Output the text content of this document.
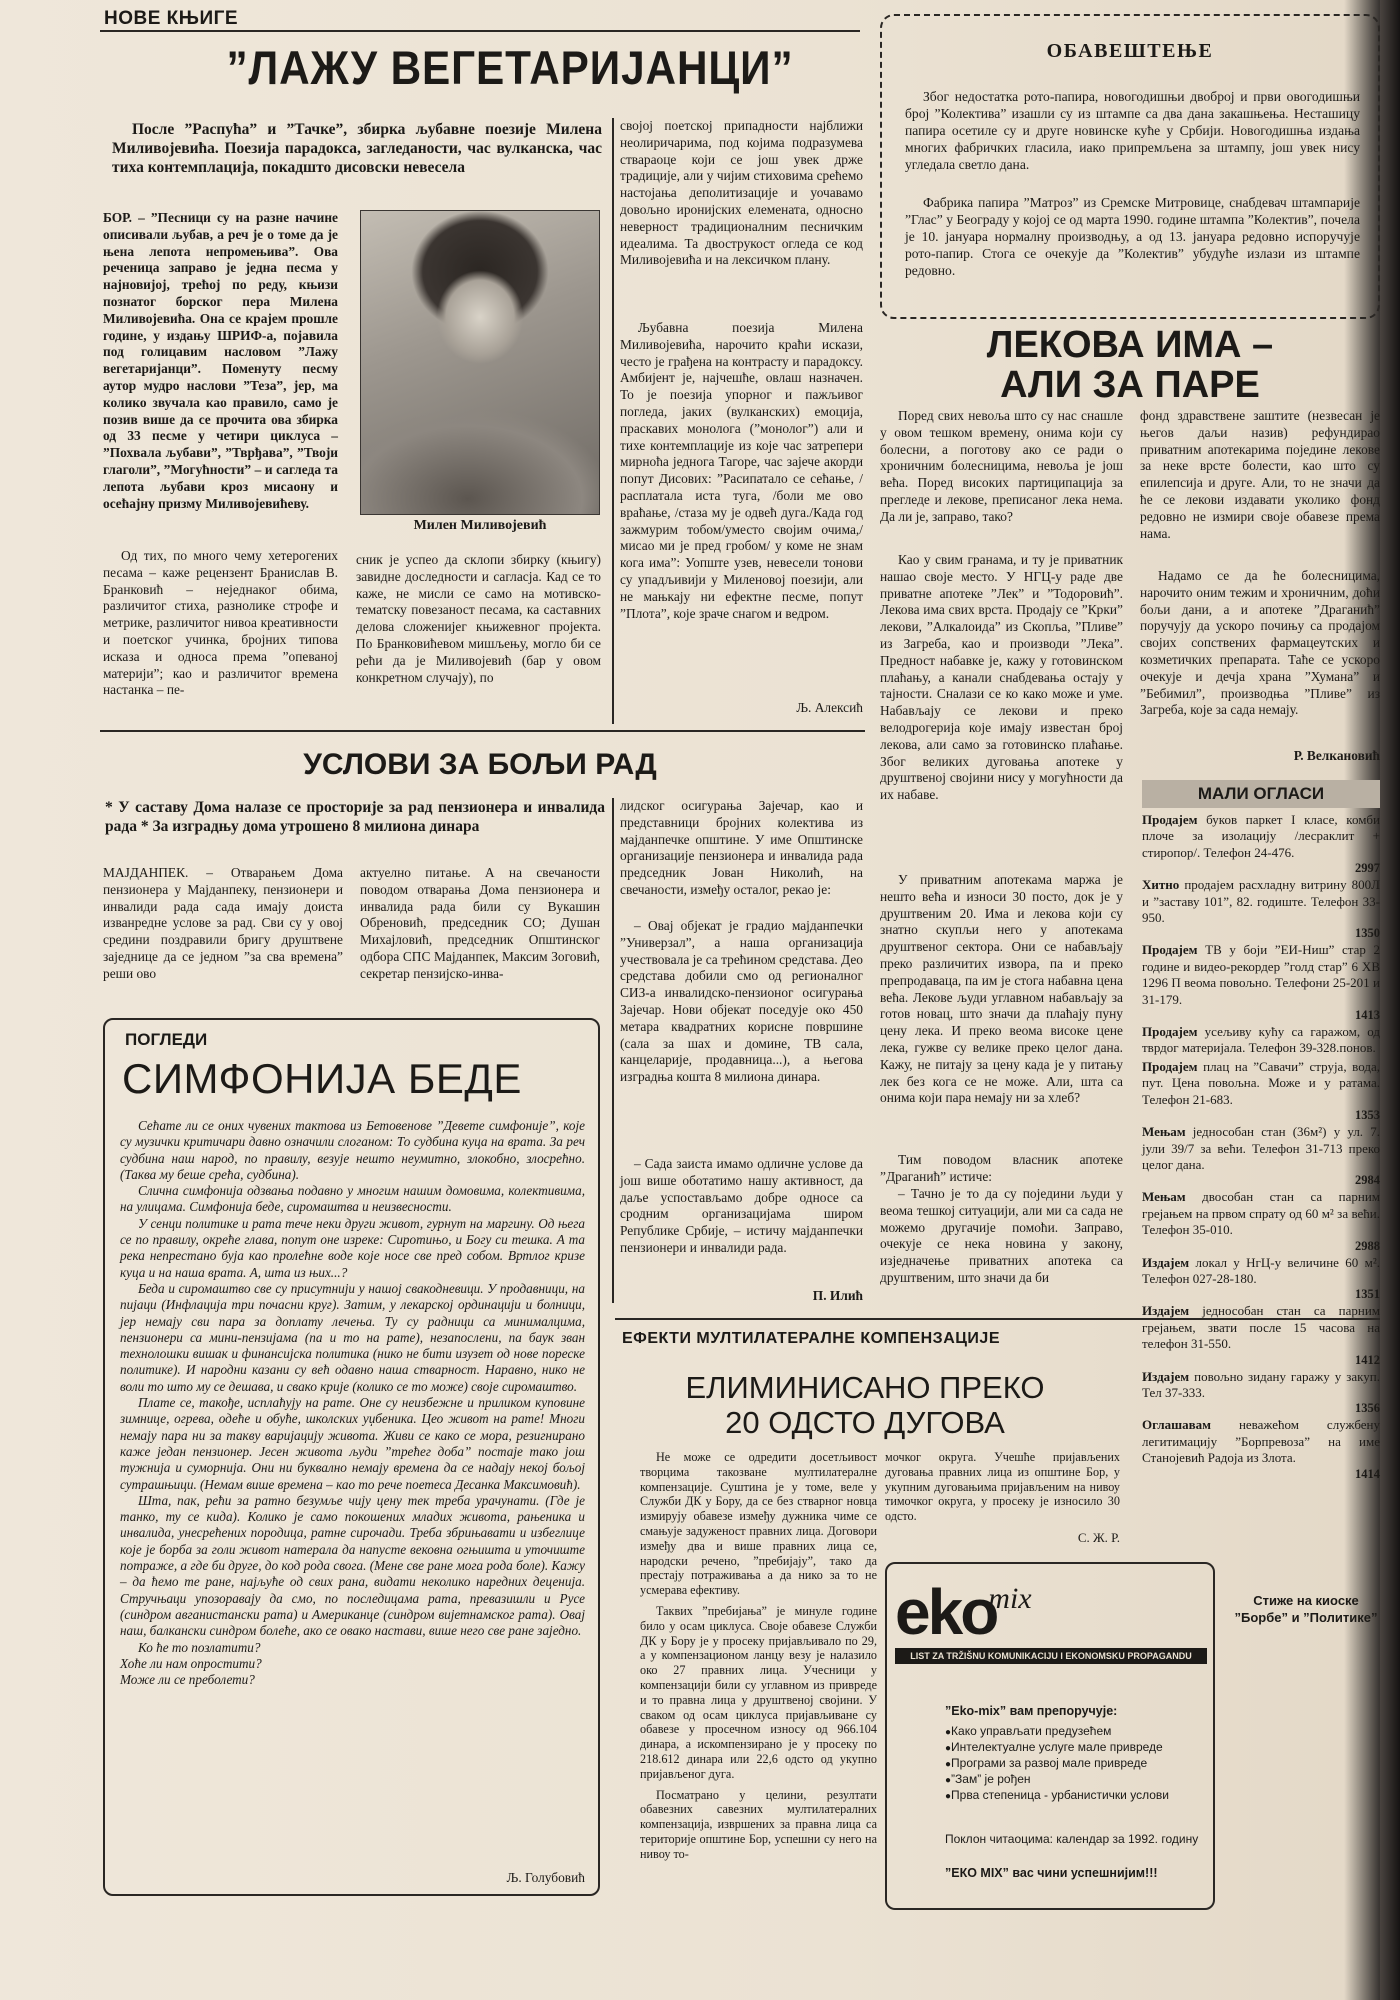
НОВЕ КЊИГЕ
”ЛАЖУ ВЕГЕТАРИЈАНЦИ”
После ”Распућа” и ”Тачке”, збирка љубавне поезије Милена Миливојевића. Поезија парадокса, загледаности, час вулканска, час тиха контемплација, покадшто дисовски невесела

БОР. – ”Песници су на разне начине описивали љубав, а реч је о томе да је њена лепота непромењива”. Ова реченица заправо је једна песма у најновијој, трећој по реду, књизи познатог борског пера Милена Миливојевића. Она се крајем прошле године, у издању ШРИФ-а, појавила под голицавим насловом ”Лажу вегетаријанци”. Поменуту песму аутор мудро наслови ”Теза”, јер, ма колико звучала као правило, само је позив више да се прочита ова збирка од 33 песме у четири циклуса – ”Похвала љубави”, ”Тврђава”, ”Твоји глаголи”, ”Могућности” – и сагледа та лепота љубави кроз мисаону и осећајну призму Миливојевићеву.

Од тих, по много чему хетерогених песама – каже рецензент Бранислав В. Бранковић – неједнаког обима, различитог стиха, разноликe строфе и метрике, различитог нивоа креативности и поетског учинка, бројних типова исказа и односа према ”опеваној материји”; као и различитог времена настанка – пе-

Милен Миливојевић

сник је успео да склопи збирку (књигу) завидне доследности и сагласја. Кад се то каже, не мисли се само на мотивско-тематску повезаност песама, ка саставних делова сложенијег књижевног пројекта. По Бранковићевом мишљењу, могло би се рећи да је Миливојевић (бар у овом конкретном случају), по

својој поетској припадности најближи неолиричарима, под којима подразумева ствараоце који се још увек држе традиције, али у чијим стиховима срећемо настојања деполитизације и уочавамо довољно иронијских елемената, односно неверност традиционалним песничким идеалима. Та двострукост огледа се код Миливојевића и на лексичком плану.

Љубавна поезија Милена Миливојевића, нарочито краћи искази, често је грађена на контрасту и парадоксу. Амбијент је, најчешће, овлаш назначен. То је поезија упорног и пажљивог погледа, јаких (вулканских) емоција, праскавих монолога (”монолог”) али и тихе контемплације из које час затрепери мирноћа једнога Тагоре, час зајече акорди попут Дисових: ”Расипатало се сећање, /расплатала иста туга, /боли ме ово враћање, /стаза му је одвећ дуга./Када год зажмурим тобом/уместо своjим очима,/мисао ми је пред гробом/ у коме не знам кога има”: Уопште узев, невесели тонови су упадљивији у Миленовој поезији, али не мањкају ни ефектне песме, попут ”Плота”, које зраче снагом и ведром.

Љ. Алексић
ОБАВЕШТЕЊЕ

Због недостатка рото-папира, новогодишњи двоброј и први овогодишњи број ”Колектива” изашли су из штампе са два дана закашњења. Несташицу папира осетиле су и друге новинске куће у Србији. Новогодишња издања многих фабричких гласила, иако припремљена за штампу, још увек нису угледала светло дана.

Фабрика папира ”Матроз” из Сремске Митровице, снабдевач штампарије ”Глас” у Београду у којој се од марта 1990. године штампа ”Колектив”, почела је 10. јануара нормалну производњу, а од 13. јануара редовно испоручује рото-папир. Стога се очекује да ”Колектив” убудуће излази из штампе редовно.

ЛЕКОВА ИМА –
АЛИ ЗА ПАРЕ

Поред свих невоља што су нас снашле у овом тешком времену, онима који су болесни, а поготову ако се ради о хроничним болесницима, невоља је још већа. Поред високих партиципација за прегледе и лекове, преписаног лека нема. Да ли је, заправо, тако?

Као у свим гранама, и ту је приватник нашао своје место. У НГЦ-у раде две приватне апотеке ”Лек” и ”Тодоровић”. Лекова има свих врста. Продају се ”Крки” лекови, ”Алкалоида” из Скопља, ”Пливе” из Загреба, као и производи ”Лека”. Предност набавке је, кажу у готовинском плаћању, а канали снабдевања остају у тајности. Сналази се ко како може и уме. Набављају се лекови и преко велодрогерија које имају известан број лекова, али само за готовинско плаћање. Због великих дуговања апотеке у друштвеној својини нису у могућности да их набаве.

У приватним апотекама маржа је нешто већа и износи 30 посто, док је у друштвеним 20. Има и лекова који су знатно скупљи него у апотекама друштвеног сектора. Они се набављају преко различитих извора, па и преко препродаваца, па им је стога набавна цена већа. Лекове људи углавном набављају за готов новац, што значи да плаћају пуну цену лека. И преко веома високе цене лека, гужве су велике преко целог дана. Кажу, не питају за цену када је у питању лек без кога се не може. Али, шта са онима који пара немају ни за хлеб?

Тим поводом власник апотеке ”Драганић” истиче:

– Тачно је то да су поједини људи у веома тешкој ситуацији, али ми са сада не можемо другачије помоћи. Заправо, очекује се нека новина у закону, изједначење приватних апотека са друштвеним, што значи да би

фонд здравствене заштите (незвесан је његов даљи назив) рефундирао приватним апотекарима поједине лекове за неке врсте болести, као што су епилепсија и друге. Али, то не значи да ће се лекови издавати уколико фонд редовно не измири своје обавезе према нама.

Надамо се да ће болесницима, нарочито оним тежим и хроничним, доћи бољи дани, а и апотеке ”Драганић” поручују да ускоро почињу са продајом својих сопствених фармацеутских и козметичких препарата. Таће се ускоро очекује и дечја храна ”Хумана” и ”Бебимил”, производња ”Пливе” из Загреба, које за сада немају.

Р. Велкановић
МАЛИ ОГЛАСИ

Продајем буков паркет I класе, комби плоче за изолацију /лесраклит + стиропор/. Телефон 24-476.

2997

Хитно продајем расхладну витрину 800Л и ”заставу 101”, 82. годиште. Телефон 33-950.

1350

Продајем ТВ у боји ”ЕИ-Ниш” стар 2 године и видео-рекордер ”голд стар” 6 ХВ 1296 П веома повољно. Телефони 25-201 и 31-179.

1413

Продајем усељиву кућу са гаражом, од тврдог материјала. Телефон 39-328.понов.

Продајем плац на ”Савачи” струја, вода, пут. Цена повољна. Може и у ратама. Телефон 21-683.

1353

Мењам једнособан стан (36м²) у ул. 7. јули 39/7 за већи. Телефон 31-713 преко целог дана.

2984

Мењам двособан стан са парним грејањем на првом спрату од 60 м² за већи. Телефон 35-010.

2988

Издајем локал у НгЦ-у величине 60 м². Телефон 027-28-180.

1351

Издајем једнособан стан са парним грејањем, звати после 15 часова на телефон 31-550.

1412

Издајем повољно зидану гаражу у закуп. Тел 37-333.

1356

Оглашавам неважећом службену легитимацију ”Борпревоза” на име Станојевић Радоја из Злота.

1414
УСЛОВИ ЗА БОЉИ РАД

* У саставу Дома налазе се просторије за рад пензионера и инвалида рада * За изградњу дома утрошено 8 милиона динара

МАЈДАНПЕК. – Отварањем Дома пензионера у Мајданпеку, пензионери и инвалиди рада сада имају доиста изванредне услове за рад. Сви су у овој средини поздравили бригу друштвене заједнице да се једном ”за сва времена” реши ово

актуелно питање. А на свечаности поводом отварања Дома пензионера и инвалида рада били су Вукашин Обреновић, председник СО; Душан Михајловић, председник Општинског одбора СПС Мајданпек, Максим Зоговић, секретар пензијско-инва-

лидског осигурања Зајечар, као и представници бројних колектива из мајданпечке општине. У име Општинске организације пензионера и инвалида рада председник Јован Николић, на свечаности, између осталог, рекао је:

– Овај објекат је градио мајданпечки ”Универзал”, а наша организација учествовала је са трећином средстава. Део средстава добили смо од регионалног СИЗ-а инвалидско-пензионог осигурања Зајечар. Нови објекат поседује око 450 метара квадратних корисне површине (сала за шах и домине, ТВ сала, канцеларије, продавница...), а његова изградња кошта 8 милиона динара.

– Сада заиста имамо одличне услове да још више оботатимо нашу активност, да даље успостављамо добре односе са сродним организацијама широм Републике Србије, – истичу мајданпечки пензионери и инвалиди рада.

П. Илић
ПОГЛЕДИ
СИМФОНИЈА БЕДЕ

Сећате ли се оних чувених тактова из Бетовенове ”Девете симфоније”, које су музички критичари давно означили слоганом: То судбина куца на врата. За реч судбина наш народ, по правилу, везује нешто неумитно, злокобно, злосрећно. (Таква му беше срећа, судбина).

Слична симфонија одзвања подавно у многим нашим домовима, колективима, на улицама. Симфонија беде, сиромаштва и неизвесности.

У сенци политике и рата тече неки други живот, гурнут на маргину. Од њега се по правилу, окреће глава, попут оне изреке: Сиротињо, и Богу си тешка. А та река непрестано буја као пролећне воде које носе све пред собом. Вртлог кризе куца и на наша врата. А, шта из њих...?

Беда и сиромаштво све су присутнији у нашој свакодневици. У продавници, на пијаци (Инфлација три почасни круг). Затим, у лекарској ординацији и болници, јер немају сви пара за доплату лечења. Ту су радници са минималцима, пензионери са мини-пензијама (па и то на рате), незапослени, па баук зван технолошки вишак и финансијска политика (нико не бити изузет од нове пореске политике). И народни казани су већ одавно наша стварност. Наравно, нико не воли то што му се дешава, и свако крије (колико се то може) своје сиромаштво.

Плате се, такође, исплаћују на рате. Оне су неизбежне и приликом куповине зимнице, огрева, одеће и обуће, школских уџбеника. Цео живот на рате! Многи немају пара ни за такву варијацију живота. Живи се како се мора, резигнирано каже један пензионер. Јесен живота људи ”трећег доба” постаје тако још тужнија и суморнија. Они ни буквално немају времена да се надају некој бољој сутрашњици. (Немам више времена – као то рече поетеса Десанка Максимовић).

Шта, пак, рећи за ратно безумље чију цену тек треба урачунати. (Где је танко, ту се кида). Колико је само покошених младих живота, рањеника и инвалида, унесрећених породица, ратне сирочади. Треба збрињавати и избеглице које је борба за голи живот натерала да напусте вековна огњишта и уточиште потраже, а где би друге, до код рода свога. (Мене све ране мога рода болe). Кажу – да ћемо те ране, најљуће од свих рана, видати неколико наредних деценија. Стручњаци упозоравају да смо, по последицама рата, превазишли и Русе (синдром авганистански рата) и Американце (синдром вијетнамског рата). Овај наш, балкански синдром болеће, ако се овако настави, више него све ране заједно.

Ко ће то позлатити?

Хоће ли нам опростити?

Може ли се преболети?

Љ. Голубовић
ЕФЕКТИ МУЛТИЛАТЕРАЛНЕ КОМПЕНЗАЦИЈЕ
ЕЛИМИНИСАНО ПРЕКО
20 ОДСТО ДУГОВА

Не може се одредити досетљивост творцима такозване мултилатералне компензације. Суштина је у томе, веле у Служби ДК у Бору, да се без стварног новца измирују обавезе између дужника чиме се смањује задуженост правних лица. Договори између два и више правних лица се, народски речено, ”пребијају”, тако да престају потраживања а да нико за то не усмерава ефективу.

Таквих ”пребијања” је минуле године било у осам циклуса. Своје обавезе Служби ДК у Бору је у просеку пријављивало по 29, а у компензационом ланцу везу је налазило око 27 правних лица. Учесници у компензацији били су углавном из привреде и то правна лица у друштвеној својини. У сваком од осам циклуса пријављиване су обавезе у просечном износу од 966.104 динара, а искомпензирано је у просеку по 218.612 динара или 22,6 одсто од укупно пријављеног дуга.

Посматрано у целини, резултати обавезних савезних мултилатералних компензација, извршених за правна лица са територије општине Бор, успешни су него на нивоу то-

мочког округа. Учешће пријављених дуговања правних лица из општине Бор, у укупним дуговањима пријављеним на нивоу тимочког округа, у просеку је износило 30 одсто.

С. Ж. Р.
ekomix
LIST ZA TRŽIŠNU KOMUNIKACIJU I EKONOMSKU PROPAGANDU
Стиже на киоске ”Борбе” и ”Политике”
”Eko-mix” вам препоручује:
● Како управљати предузећем
● Интелектуалне услуге мале привреде
● Програми за развој мале привреде
● ”Зам” је рођен
● Прва степеница - урбанистички услови
Поклон читаоцима: календар за 1992. годину
”ЕКО MIX” вас чини успешнијим!!!
